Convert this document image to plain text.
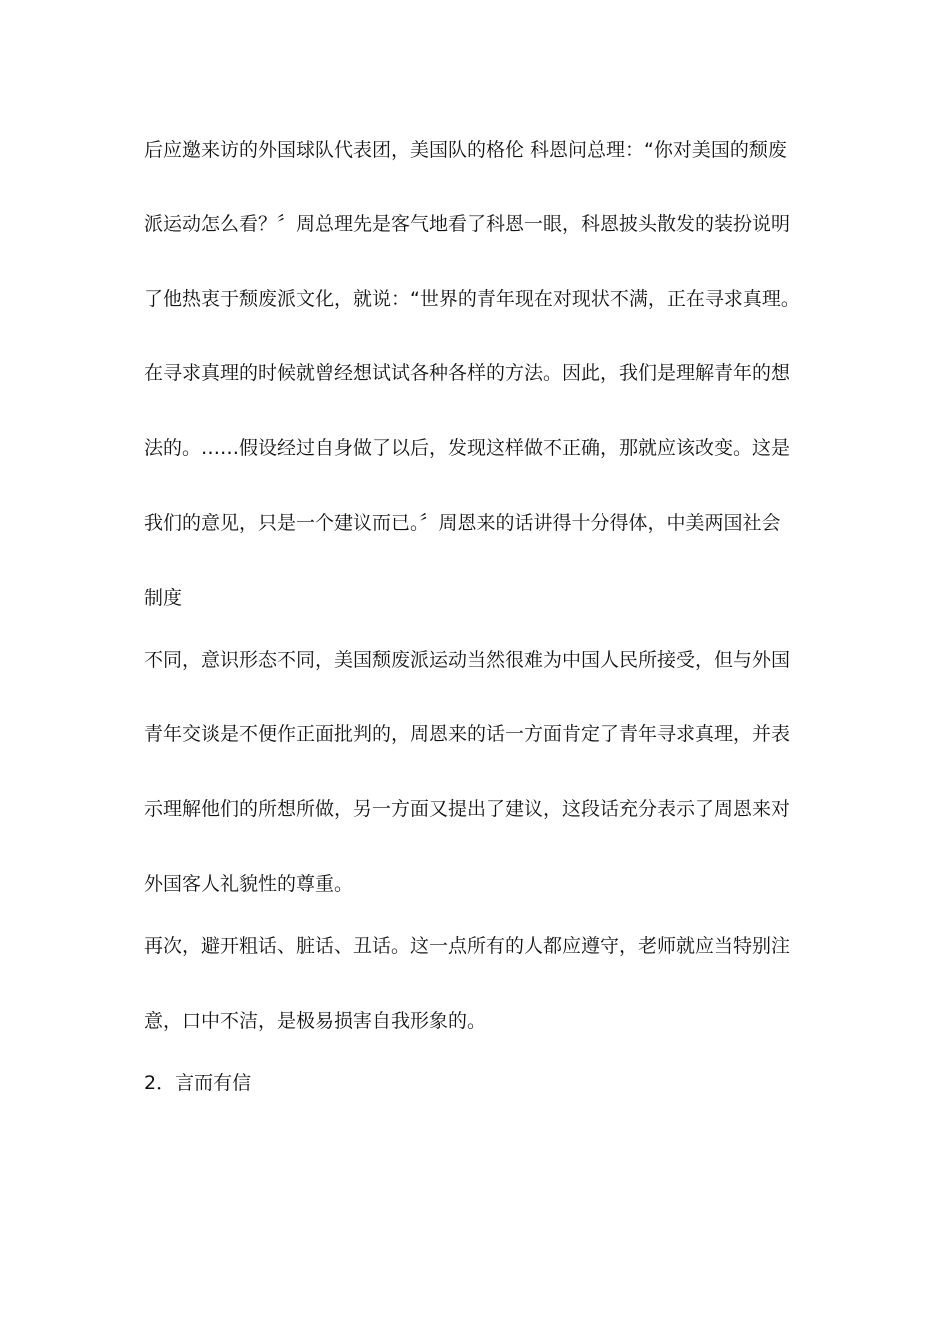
后应邀来访的外国球队代表团，美国队的格伦 科恩问总理：“你对美国的颓废
派运动怎么看？〞周总理先是客气地看了科恩一眼，科恩披头散发的装扮说明
了他热衷于颓废派文化，就说：“世界的青年现在对现状不满，正在寻求真理。
在寻求真理的时候就曾经想试试各种各样的方法。因此，我们是理解青年的想
法的。……假设经过自身做了以后，发现这样做不正确，那就应该改变。这是
我们的意见，只是一个建议而已。〞周恩来的话讲得十分得体，中美两国社会
制度
不同，意识形态不同，美国颓废派运动当然很难为中国人民所接受，但与外国
青年交谈是不便作正面批判的，周恩来的话一方面肯定了青年寻求真理，并表
示理解他们的所想所做，另一方面又提出了建议，这段话充分表示了周恩来对
外国客人礼貌性的尊重。
再次，避开粗话、脏话、丑话。这一点所有的人都应遵守，老师就应当特别注
意，口中不洁，是极易损害自我形象的。
2．言而有信
